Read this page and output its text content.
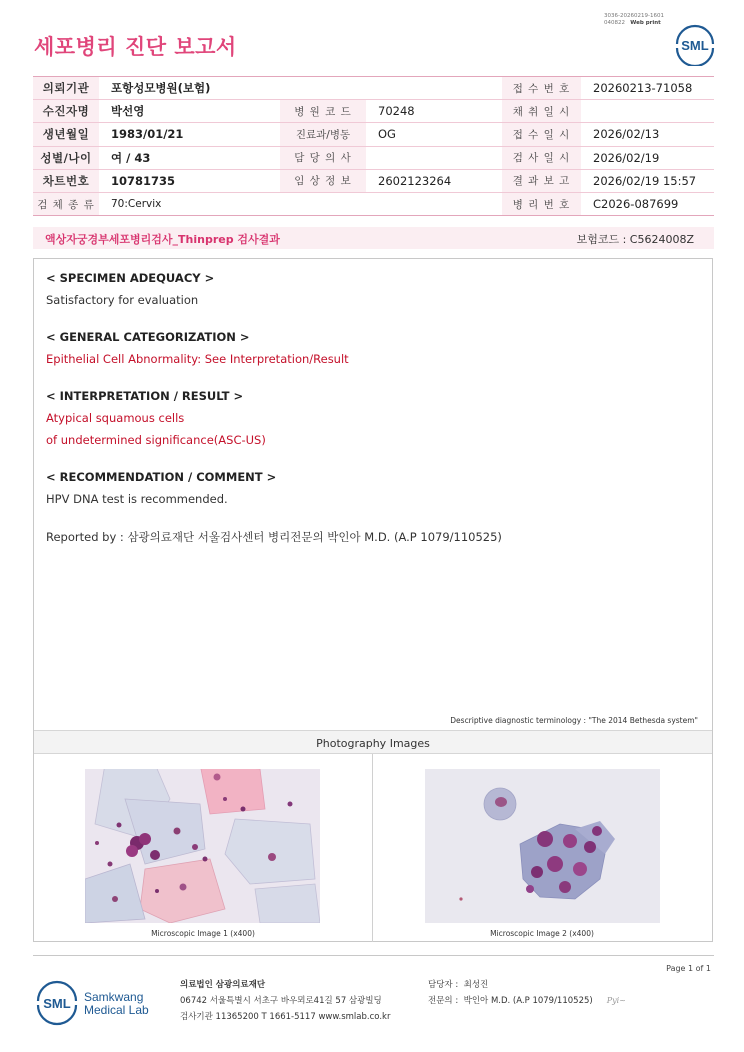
3036-20260219-1601
040822 Web print
세포병리 진단 보고서	SML
의뢰기관	포항성모병원(보험)			접 수 번 호	20260213-71058
수진자명	박선영	병 원 코 드	70248	채 취 일 시	
생년월일	1983/01/21	진료과/병동	OG	접 수 일 시	2026/02/13
성별/나이	여 / 43	담 당 의 사		검 사 일 시	2026/02/19
차트번호	10781735	임 상 정 보	2602123264	결 과 보 고	2026/02/19 15:57
검 체 종 류	70:Cervix			병 리 번 호	C2026-087699
액상자궁경부세포병리검사_Thinprep 검사결과	보험코드 : C5624008Z
< SPECIMEN ADEQUACY >
Satisfactory for evaluation
< GENERAL CATEGORIZATION >
Epithelial Cell Abnormality: See Interpretation/Result
< INTERPRETATION / RESULT >
Atypical squamous cells
of undetermined significance(ASC-US)
< RECOMMENDATION / COMMENT >
HPV DNA test is recommended.
Reported by : 삼광의료재단 서울검사센터 병리전문의 박인아 M.D. (A.P 1079/110525)
Descriptive diagnostic terminology : "The 2014 Bethesda system"
Photography Images
Microscopic Image 1 (x400)	Microscopic Image 2 (x400)
Page 1 of 1
SML Samkwang
Medical Lab
의료법인 삼광의료재단
06742 서울특별시 서초구 바우뫼로41길 57 삼광빌딩
검사기관 11365200 T 1661-5117 www.smlab.co.kr
담당자 : 최성진
전문의 : 박인아 M.D. (A.P 1079/110525) Pyi~
